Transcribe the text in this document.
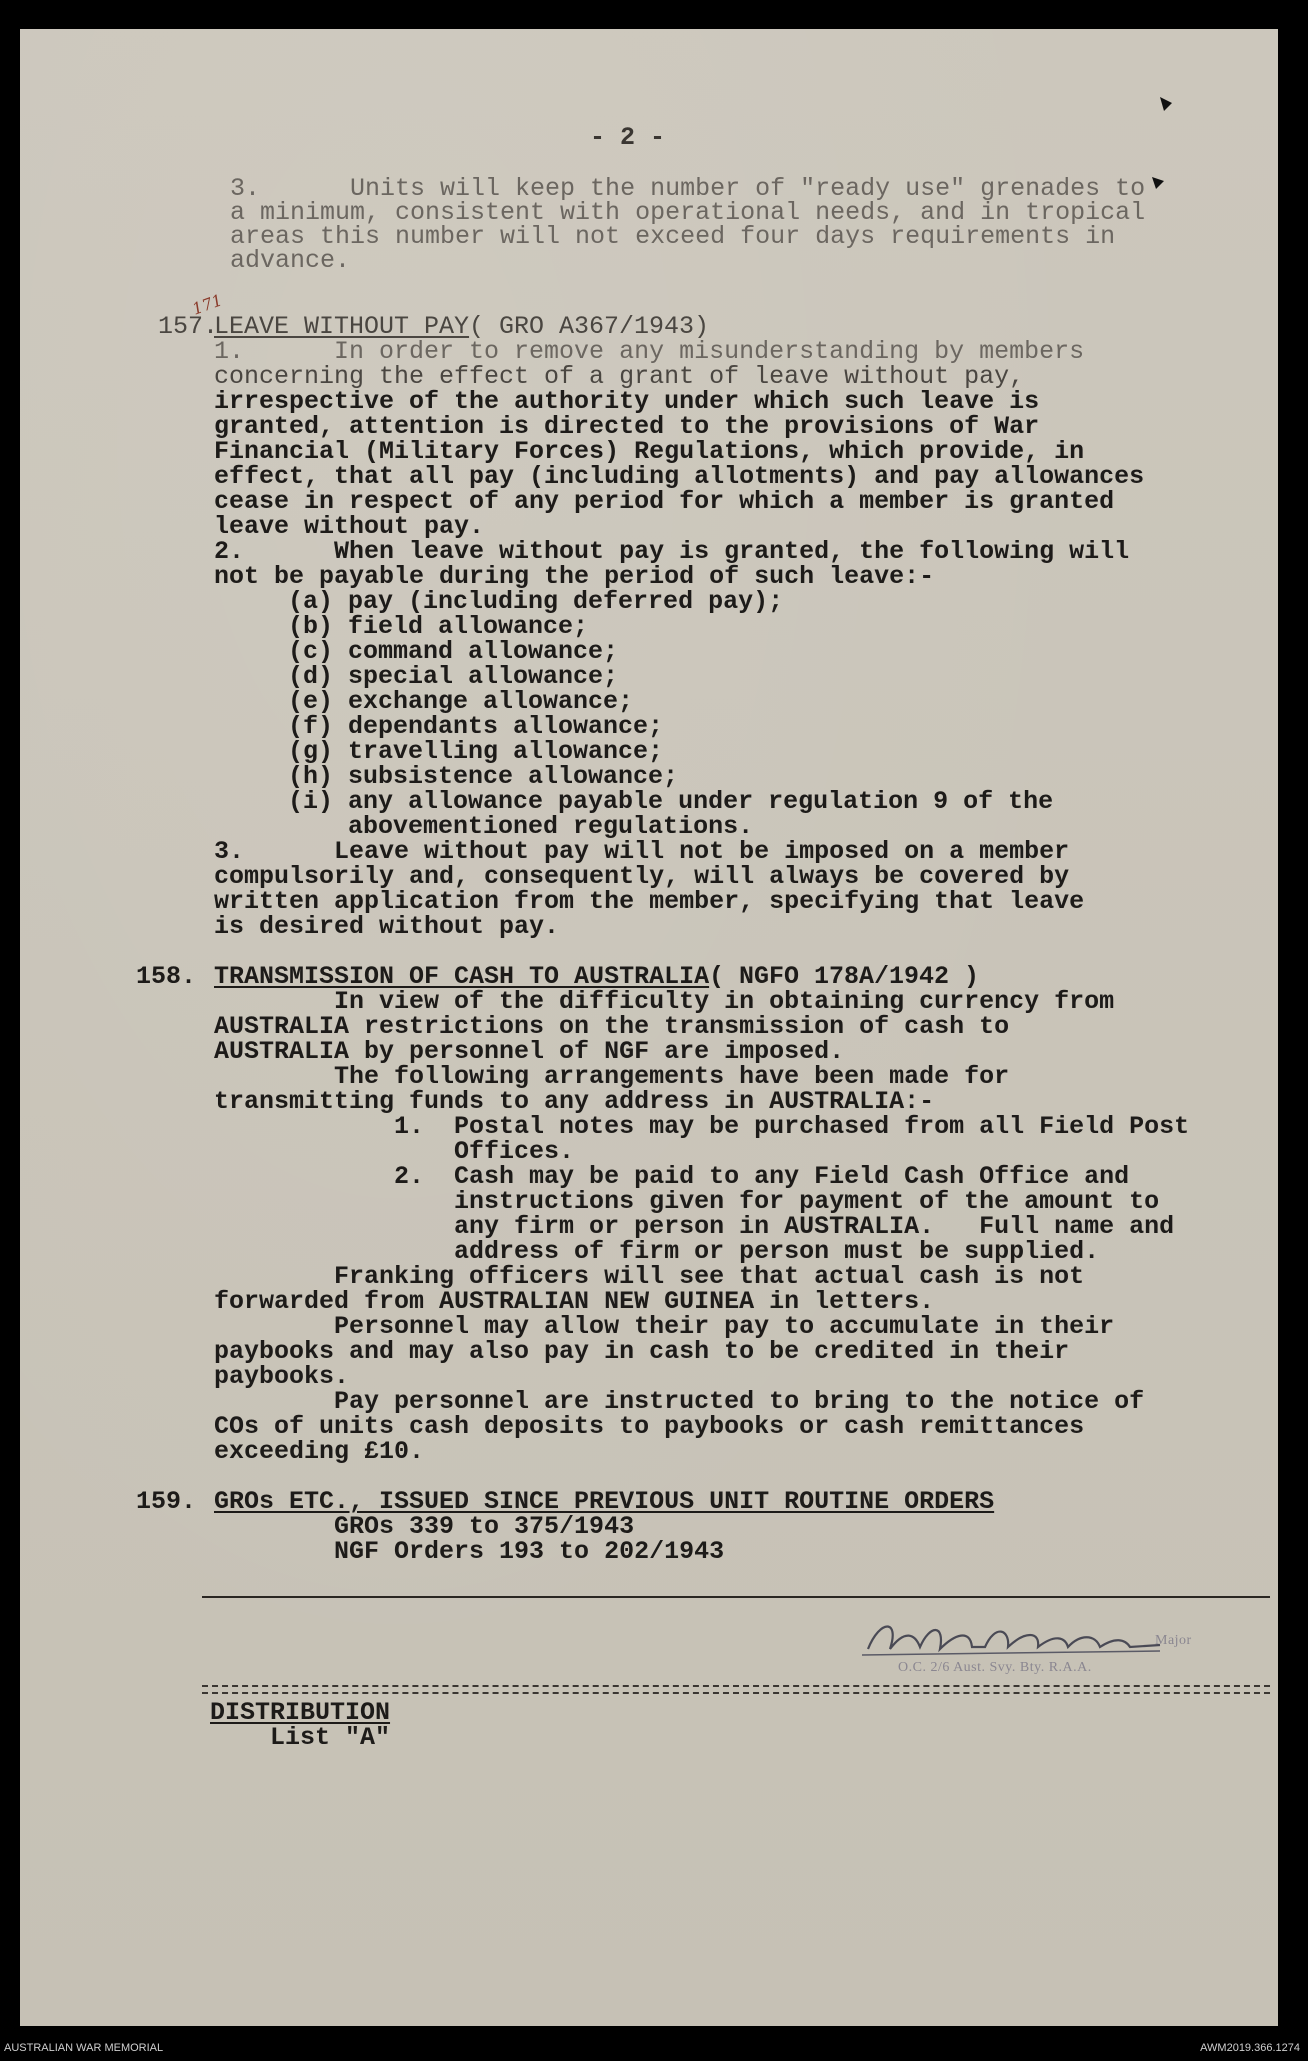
- 2 -
3.      Units will keep the number of "ready use" grenades to
a minimum, consistent with operational needs, and in tropical
areas this number will not exceed four days requirements in
advance.
171
157.
LEAVE WITHOUT PAY
( GRO A367/1943)
1.      In order to remove any misunderstanding by members
concerning the effect of a grant of leave without pay,
irrespective of the authority under which such leave is
granted, attention is directed to the provisions of War
Financial (Military Forces) Regulations, which provide, in
effect, that all pay (including allotments) and pay allowances
cease in respect of any period for which a member is granted
leave without pay.
2.      When leave without pay is granted, the following will
not be payable during the period of such leave:-
(a) pay (including deferred pay);
(b) field allowance;
(c) command allowance;
(d) special allowance;
(e) exchange allowance;
(f) dependants allowance;
(g) travelling allowance;
(h) subsistence allowance;
(i) any allowance payable under regulation 9 of the
abovementioned regulations.
3.      Leave without pay will not be imposed on a member
compulsorily and, consequently, will always be covered by
written application from the member, specifying that leave
is desired without pay.
158. TRANSMISSION OF CASH TO AUSTRALIA
( NGFO 178A/1942 )
In view of the difficulty in obtaining currency from
AUSTRALIA restrictions on the transmission of cash to
AUSTRALIA by personnel of NGF are imposed.
The following arrangements have been made for
transmitting funds to any address in AUSTRALIA:-
1.  Postal notes may be purchased from all Field Post
Offices.
2.  Cash may be paid to any Field Cash Office and
instructions given for payment of the amount to
any firm or person in AUSTRALIA.   Full name and
address of firm or person must be supplied.
Franking officers will see that actual cash is not
forwarded from AUSTRALIAN NEW GUINEA in letters.
Personnel may allow their pay to accumulate in their
paybooks and may also pay in cash to be credited in their
paybooks.
Pay personnel are instructed to bring to the notice of
COs of units cash deposits to paybooks or cash remittances
exceeding £10.
159. GROs ETC., ISSUED SINCE PREVIOUS UNIT ROUTINE ORDERS
GROs 339 to 375/1943
NGF Orders 193 to 202/1943
Major
O.C. 2/6 Aust. Svy. Bty. R.A.A.
DISTRIBUTION
List "A"
AUSTRALIAN WAR MEMORIAL	AWM2019.366.1274
